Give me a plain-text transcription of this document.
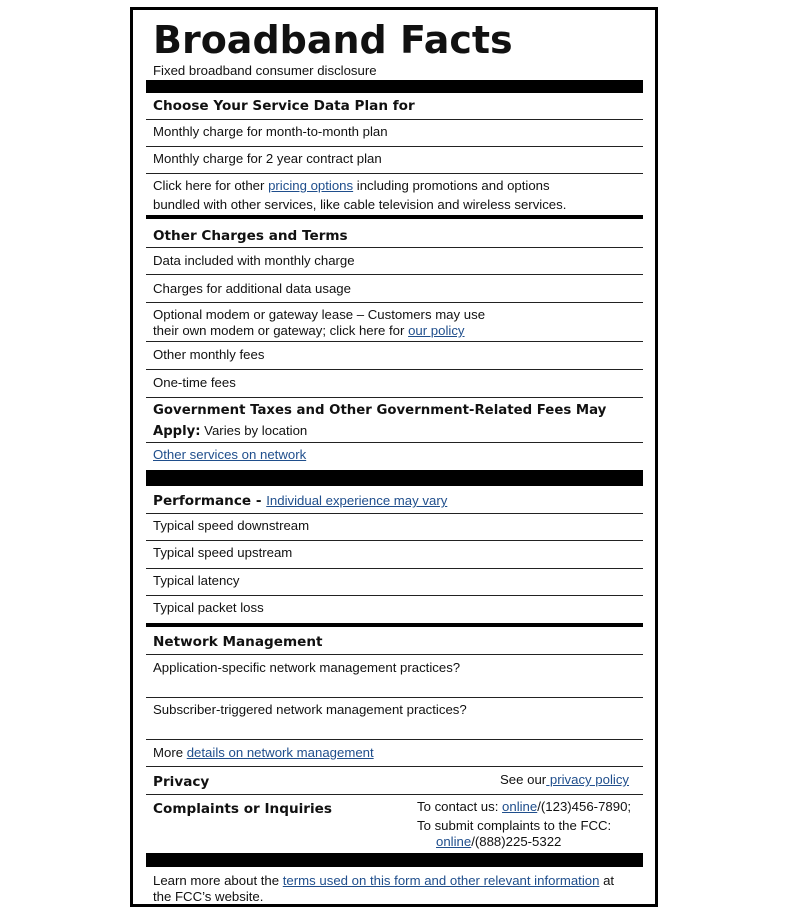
Broadband Facts
Fixed broadband consumer disclosure
Choose Your Service Data Plan for
Monthly charge for month-to-month plan
Monthly charge for 2 year contract plan
Click here for other pricing options including promotions and options
bundled with other services, like cable television and wireless services.
Other Charges and Terms
Data included with monthly charge
Charges for additional data usage
Optional modem or gateway lease – Customers may use
their own modem or gateway; click here for our policy
Other monthly fees
One-time fees
Government Taxes and Other Government-Related Fees May
Apply: Varies by location
Other services on network
Performance - Individual experience may vary
Typical speed downstream
Typical speed upstream
Typical latency
Typical packet loss
Network Management
Application-specific network management practices?
Subscriber-triggered network management practices?
More details on network management
Privacy	See our privacy policy
Complaints or Inquiries	To contact us: online/(123)456-7890;
To submit complaints to the FCC:
online/(888)225-5322
Learn more about the terms used on this form and other relevant information at
the FCC’s website.
